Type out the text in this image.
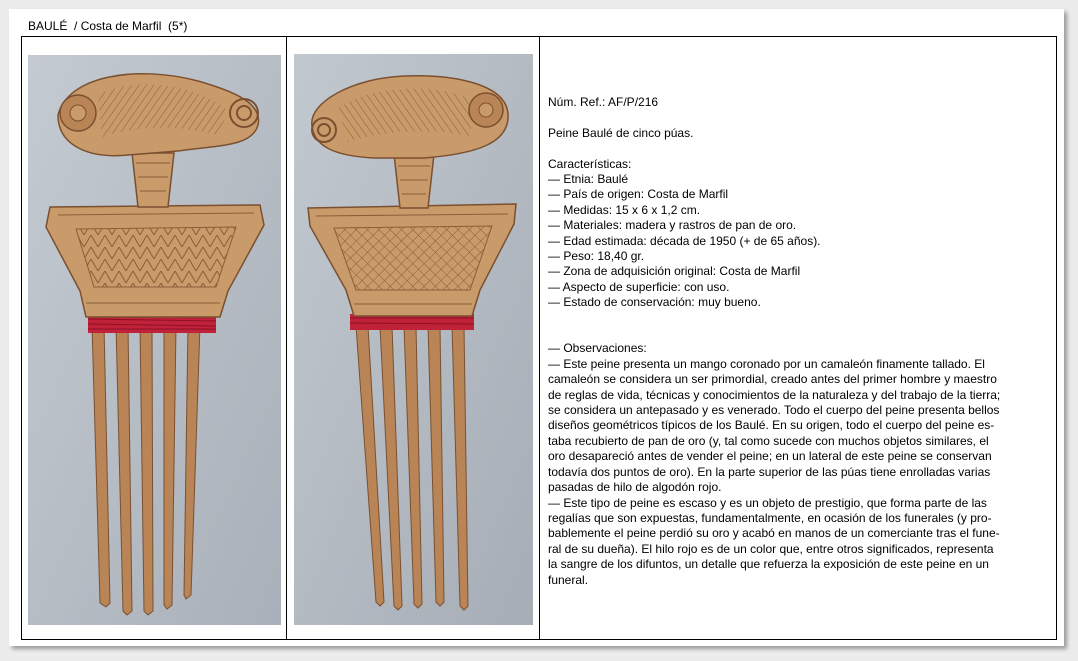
BAULÉ  / Costa de Marfil  (5*)

Núm. Ref.: AF/P/216

Peine Baulé de cinco púas.

Características:

— Etnia: Baulé

— País de origen: Costa de Marfil

— Medidas: 15 x 6 x 1,2 cm.

— Materiales: madera y rastros de pan de oro.

— Edad estimada: década de 1950 (+ de 65 años).

— Peso: 18,40 gr.

— Zona de adquisición original: Costa de Marfil

— Aspecto de superficie: con uso.

— Estado de conservación: muy bueno.

— Observaciones:

— Este peine presenta un mango coronado por un camaleón finamente tallado. El

camaleón se considera un ser primordial, creado antes del primer hombre y maestro

de reglas de vida, técnicas y conocimientos de la naturaleza y del trabajo de la tierra;

se considera un antepasado y es venerado. Todo el cuerpo del peine presenta bellos

diseños geométricos típicos de los Baulé. En su origen, todo el cuerpo del peine es-

taba recubierto de pan de oro (y, tal como sucede con muchos objetos similares, el

oro desapareció antes de vender el peine; en un lateral de este peine se conservan

todavía dos puntos de oro). En la parte superior de las púas tiene enrolladas varias

pasadas de hilo de algodón rojo.

— Este tipo de peine es escaso y es un objeto de prestigio, que forma parte de las

regalías que son expuestas, fundamentalmente, en ocasión de los funerales (y pro-

bablemente el peine perdió su oro y acabó en manos de un comerciante tras el fune-

ral de su dueña). El hilo rojo es de un color que, entre otros significados, representa

la sangre de los difuntos, un detalle que refuerza la exposición de este peine en un

funeral.
